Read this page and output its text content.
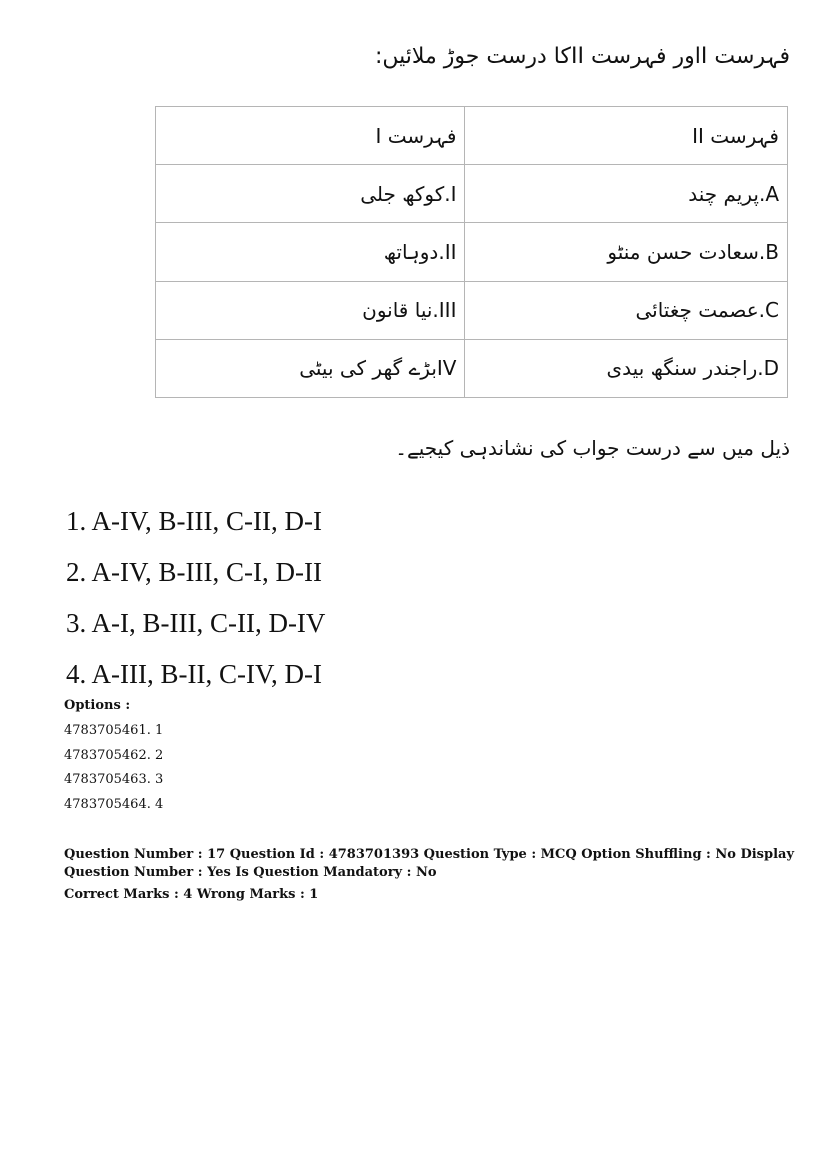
فہرست Iاور فہرست IIکا درست جوڑ ملائیں:
فہرست I	فہرست II
I.کوکھ جلی	A.پریم چند
II.دوہاتھ	B.سعادت حسن منٹو
III.نیا قانون	C.عصمت چغتائی
IVبڑے گھر کی بیٹی	D.راجندر سنگھ بیدی
ذیل میں سے درست جواب کی نشاندہی کیجیے۔
1. A-IV, B-III, C-II, D-I
2. A-IV, B-III, C-I, D-II
3. A-I, B-III, C-II, D-IV
4. A-III, B-II, C-IV, D-I
Options :
4783705461. 1
4783705462. 2
4783705463. 3
4783705464. 4
Question Number : 17 Question Id : 4783701393 Question Type : MCQ Option Shuffling : No Display
Question Number : Yes Is Question Mandatory : No
Correct Marks : 4 Wrong Marks : 1
